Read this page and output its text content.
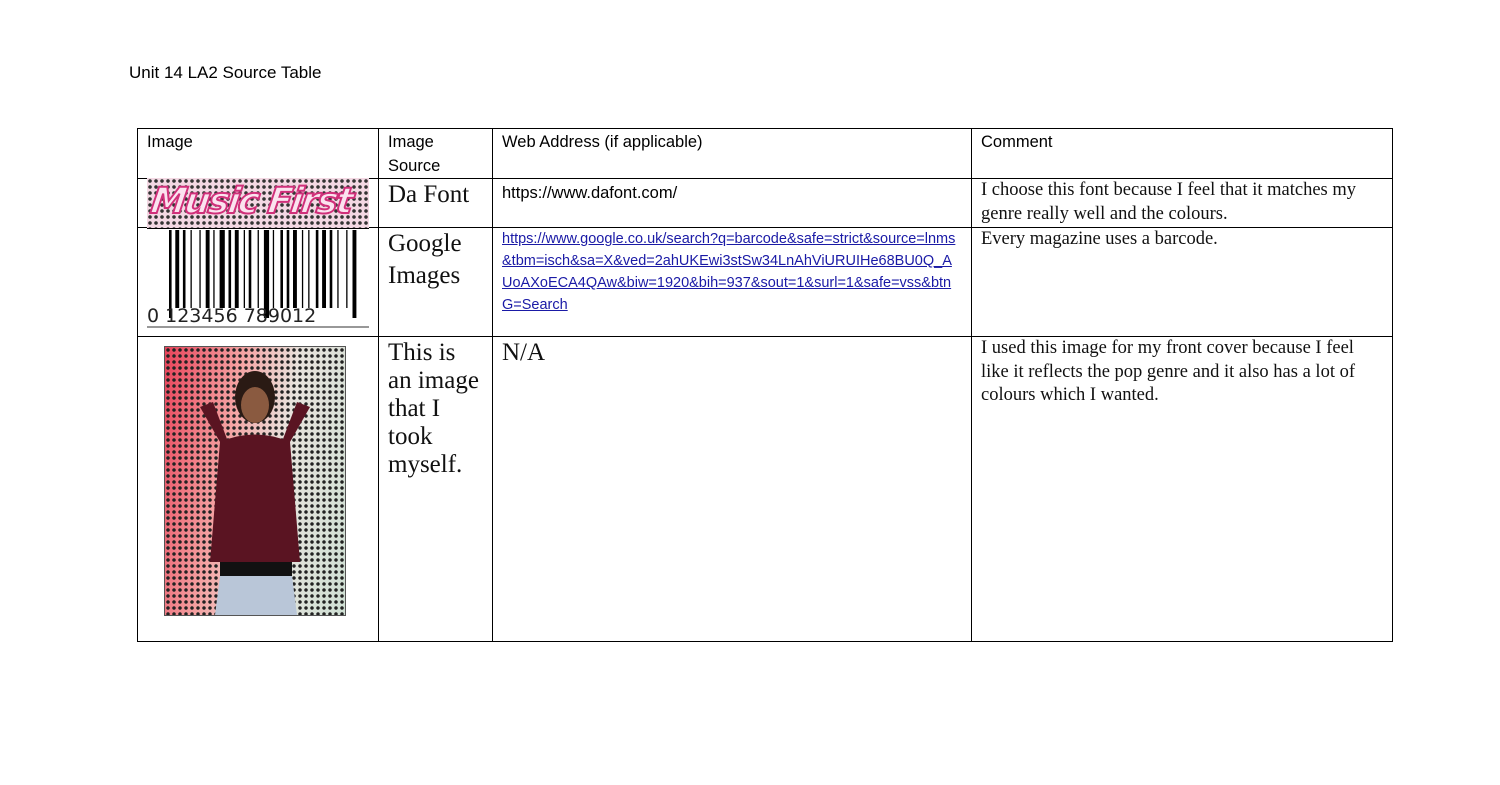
Unit 14 LA2 Source Table
Image	Image Source	Web Address (if applicable)	Comment

Music First	Da Font	https://www.dafont.com/	I choose this font because I feel that it matches my genre really well and the colours.

0 123456 789012	Google Images	https://www.google.co.uk/search?q=barcode&safe=strict&source=lnms&tbm=isch&sa=X&ved=2ahUKEwi3stSw34LnAhViURUIHe68BU0Q_AUoAXoECA4QAw&biw=1920&bih=937&sout=1&surl=1&safe=vss&btnG=Search	Every magazine uses a barcode.

	This is an image that I took myself.	N/A	I used this image for my front cover because I feel like it reflects the pop genre and it also has a lot of colours which I wanted.
